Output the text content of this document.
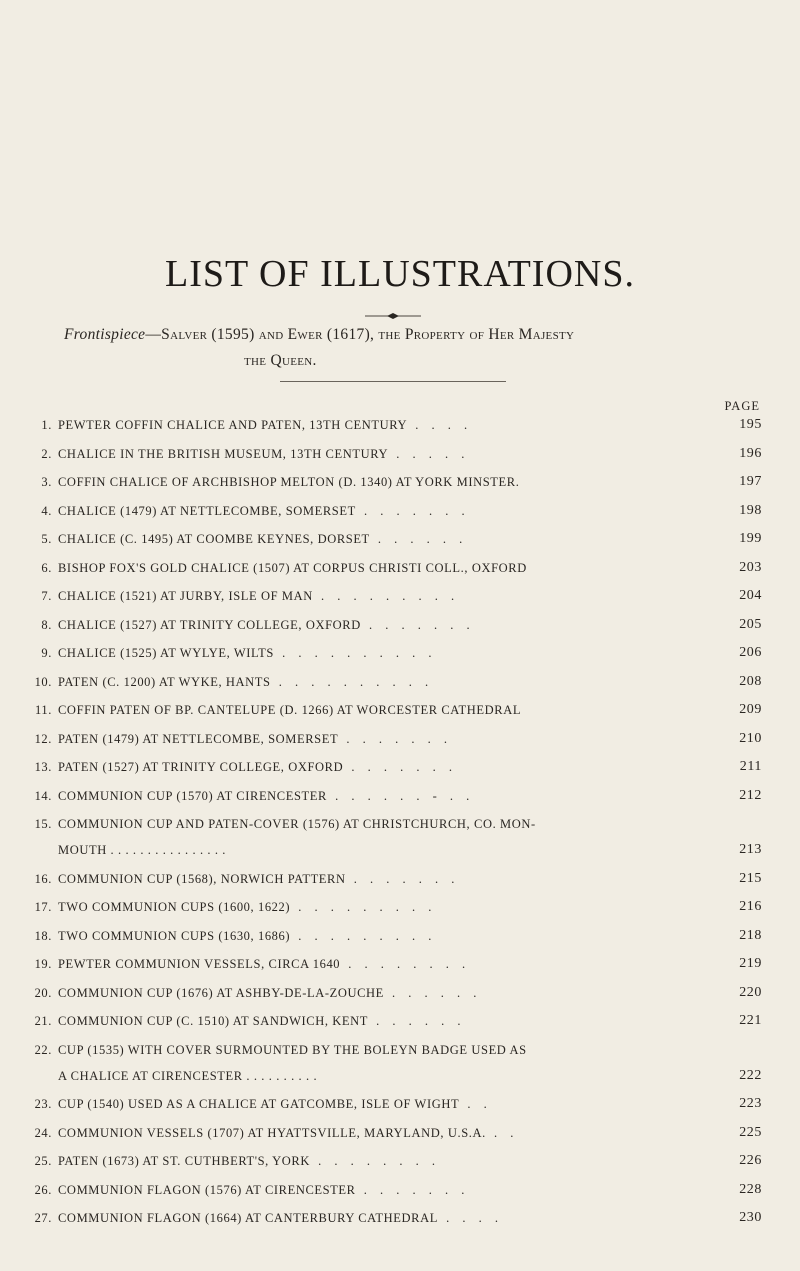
LIST OF ILLUSTRATIONS.
Frontispiece—Salver (1595) and Ewer (1617), the Property of Her Majesty
the Queen.
PAGE
1. PEWTER COFFIN CHALICE AND PATEN, 13TH CENTURY . . . .	195
2. CHALICE IN THE BRITISH MUSEUM, 13TH CENTURY . . . . .	196
3. COFFIN CHALICE OF ARCHBISHOP MELTON (D. 1340) AT YORK MINSTER.	197
4. CHALICE (1479) AT NETTLECOMBE, SOMERSET . . . . . . .	198
5. CHALICE (C. 1495) AT COOMBE KEYNES, DORSET . . . . . .	199
6. BISHOP FOX'S GOLD CHALICE (1507) AT CORPUS CHRISTI COLL., OXFORD	203
7. CHALICE (1521) AT JURBY, ISLE OF MAN . . . . . . . . .	204
8. CHALICE (1527) AT TRINITY COLLEGE, OXFORD . . . . . . .	205
9. CHALICE (1525) AT WYLYE, WILTS . . . . . . . . . .	206
10. PATEN (C. 1200) AT WYKE, HANTS . . . . . . . . . .	208
11. COFFIN PATEN OF BP. CANTELUPE (D. 1266) AT WORCESTER CATHEDRAL	209
12. PATEN (1479) AT NETTLECOMBE, SOMERSET . . . . . . .	210
13. PATEN (1527) AT TRINITY COLLEGE, OXFORD . . . . . . .	211
14. COMMUNION CUP (1570) AT CIRENCESTER . . . . . . - . .	212
15. COMMUNION CUP AND PATEN-COVER (1576) AT CHRISTCHURCH, CO. MON-
MOUTH . . . . . . . . . . . . . . . .	213
16. COMMUNION CUP (1568), NORWICH PATTERN . . . . . . .	215
17. TWO COMMUNION CUPS (1600, 1622) . . . . . . . . .	216
18. TWO COMMUNION CUPS (1630, 1686) . . . . . . . . .	218
19. PEWTER COMMUNION VESSELS, CIRCA 1640 . . . . . . . .	219
20. COMMUNION CUP (1676) AT ASHBY-DE-LA-ZOUCHE . . . . . .	220
21. COMMUNION CUP (C. 1510) AT SANDWICH, KENT . . . . . .	221
22. CUP (1535) WITH COVER SURMOUNTED BY THE BOLEYN BADGE USED AS
A CHALICE AT CIRENCESTER . . . . . . . . . .	222
23. CUP (1540) USED AS A CHALICE AT GATCOMBE, ISLE OF WIGHT . .	223
24. COMMUNION VESSELS (1707) AT HYATTSVILLE, MARYLAND, U.S.A. . .	225
25. PATEN (1673) AT ST. CUTHBERT'S, YORK . . . . . . . .	226
26. COMMUNION FLAGON (1576) AT CIRENCESTER . . . . . . .	228
27. COMMUNION FLAGON (1664) AT CANTERBURY CATHEDRAL . . . .	230
